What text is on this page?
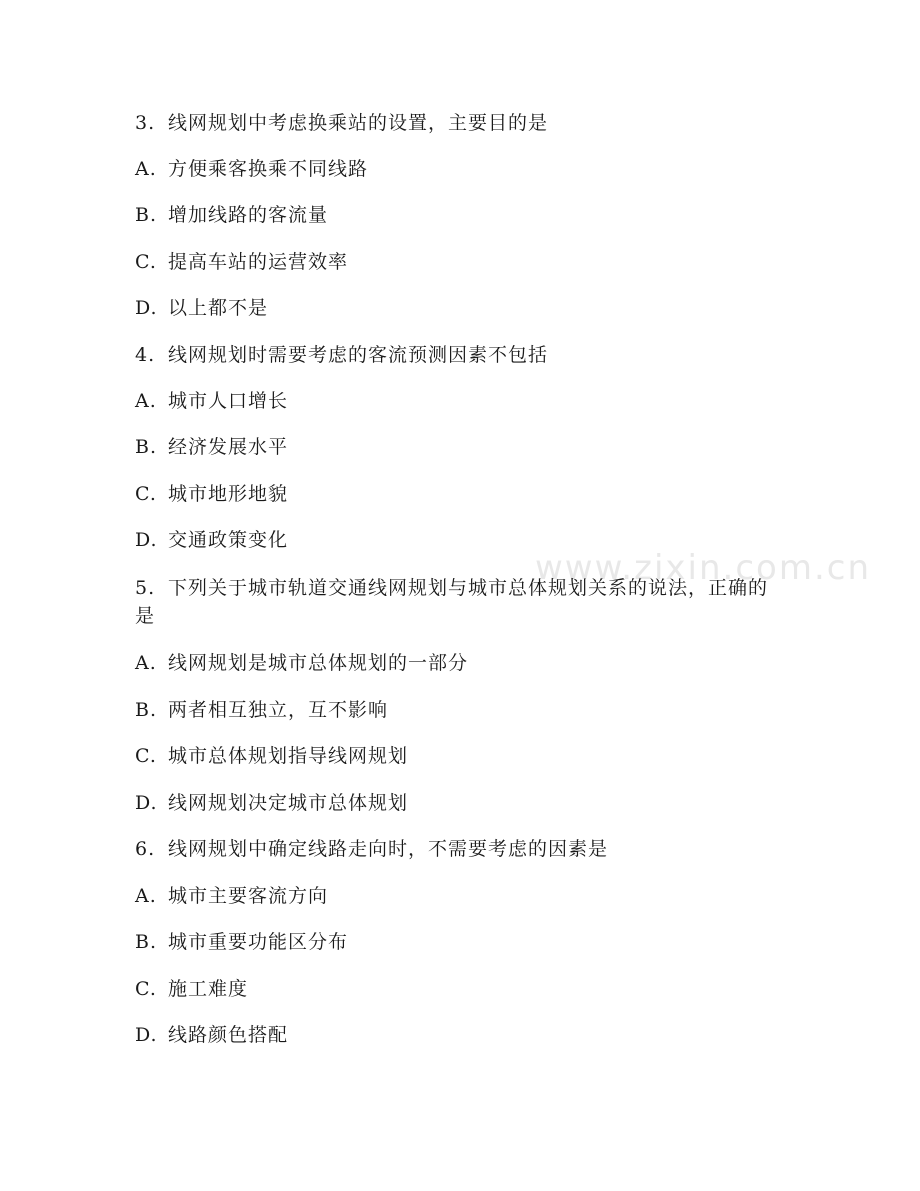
www.zixin.com.cn
3. 线网规划中考虑换乘站的设置，主要目的是
A. 方便乘客换乘不同线路
B. 增加线路的客流量
C. 提高车站的运营效率
D. 以上都不是
4. 线网规划时需要考虑的客流预测因素不包括
A. 城市人口增长
B. 经济发展水平
C. 城市地形地貌
D. 交通政策变化
5. 下列关于城市轨道交通线网规划与城市总体规划关系的说法，正确的是
A. 线网规划是城市总体规划的一部分
B. 两者相互独立，互不影响
C. 城市总体规划指导线网规划
D. 线网规划决定城市总体规划
6. 线网规划中确定线路走向时，不需要考虑的因素是
A. 城市主要客流方向
B. 城市重要功能区分布
C. 施工难度
D. 线路颜色搭配
